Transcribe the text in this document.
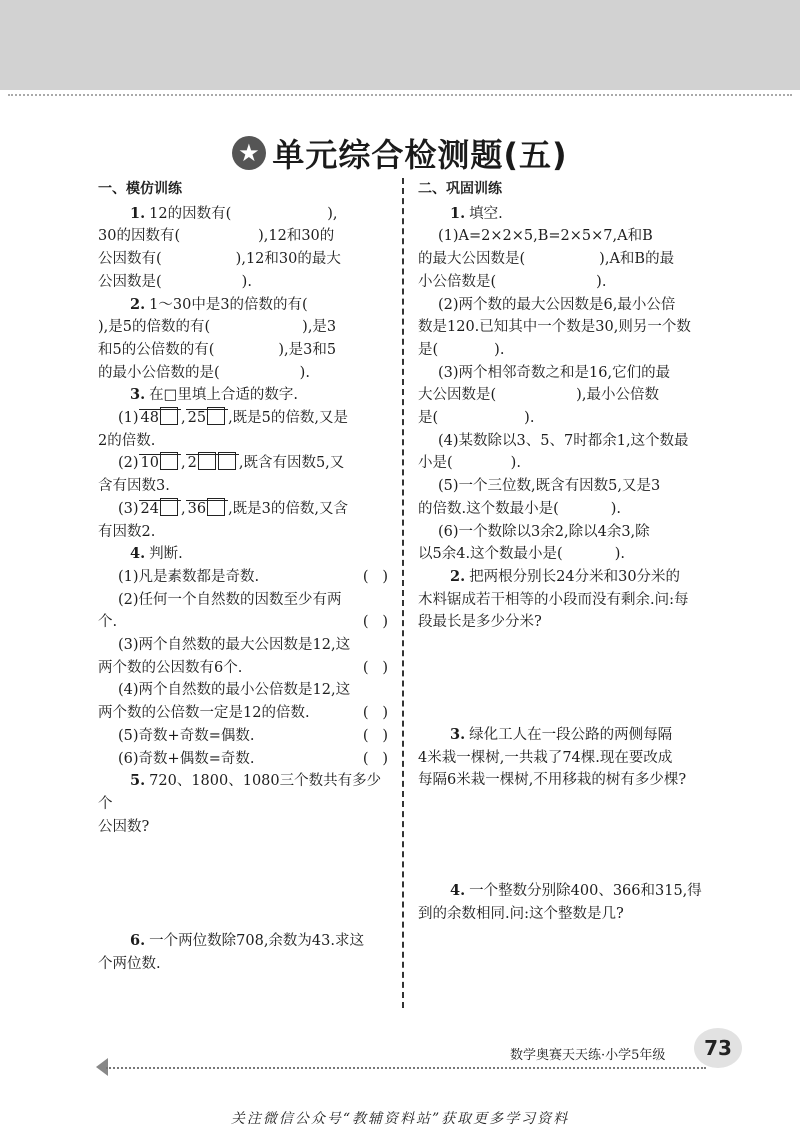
★ 单元综合检测题(五)
一、模仿训练

1. 12的因数有(	),

30的因数有(	),12和30的

公因数有(	),12和30的最大

公因数是(	).

2. 1～30中是3的倍数的有(

),是5的倍数的有(	),是3

和5的公倍数的有(	),是3和5

的最小公倍数的是(	).

3. 在□里填上合适的数字.

(1) 48 , 25 ,既是5的倍数,又是

2的倍数.

(2) 10 , 2	,既含有因数5,又

含有因数3.

(3) 24 , 36 ,既是3的倍数,又含

有因数2.

4. 判断.

(1)凡是素数都是奇数.	(   )

(2)任何一个自然数的因数至少有两

个.	(   )

(3)两个自然数的最大公因数是12,这

两个数的公因数有6个.	(   )

(4)两个自然数的最小公倍数是12,这

两个数的公倍数一定是12的倍数.	(   )
(5)奇数+奇数=偶数.	(   )
(6)奇数+偶数=奇数.	(   )

5. 720、1800、1080三个数共有多少个

公因数?

6. 一个两位数除708,余数为43.求这

个两位数.

二、巩固训练

1. 填空.

(1)A=2×2×5,B=2×5×7,A和B

的最大公因数是(	),A和B的最

小公倍数是(	).

(2)两个数的最大公因数是6,最小公倍

数是120.已知其中一个数是30,则另一个数

是(	).

(3)两个相邻奇数之和是16,它们的最

大公因数是(	),最小公倍数

是(	).

(4)某数除以3、5、7时都余1,这个数最

小是(	).

(5)一个三位数,既含有因数5,又是3

的倍数.这个数最小是(	).

(6)一个数除以3余2,除以4余3,除

以5余4.这个数最小是(	).

2. 把两根分别长24分米和30分米的

木料锯成若干相等的小段而没有剩余.问:每

段最长是多少分米?

3. 绿化工人在一段公路的两侧每隔

4米栽一棵树,一共栽了74棵.现在要改成

每隔6米栽一棵树,不用移栽的树有多少棵?

4. 一个整数分别除400、366和315,得

到的余数相同.问:这个整数是几?

数学奥赛天天练·小学5年级	73
关注微信公众号“教辅资料站”获取更多学习资料
